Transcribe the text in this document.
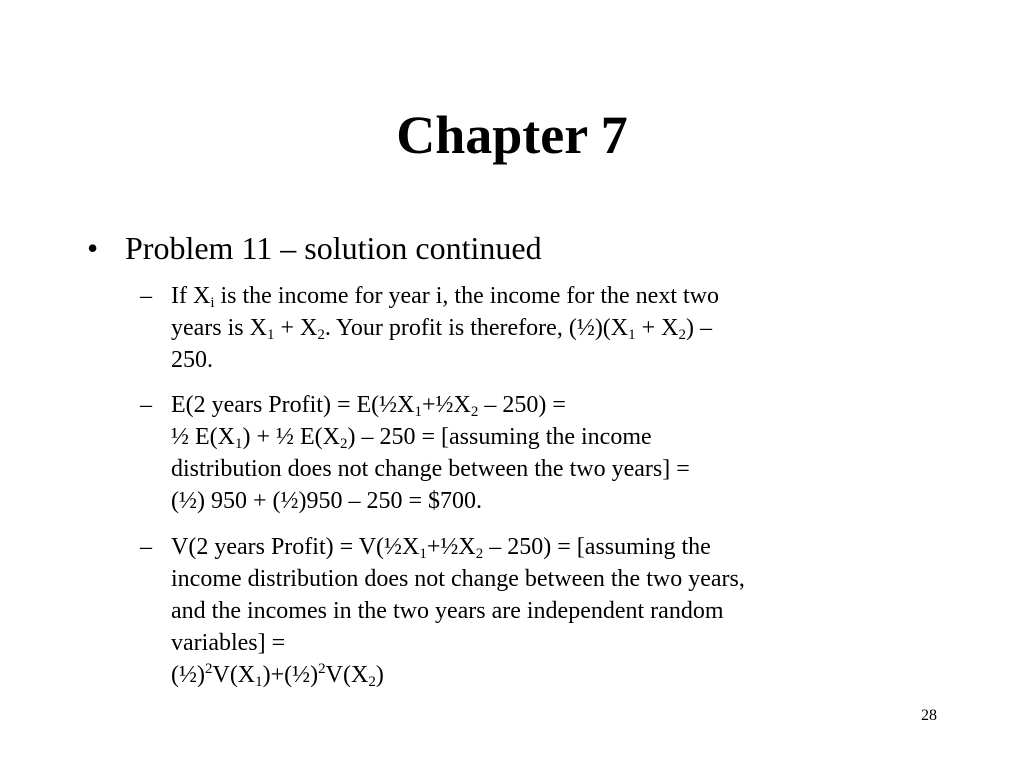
Chapter 7
• Problem 11 – solution continued
– If $X_i$ is the income for year i, the income for the next two
years is $X_1 + X_2$. Your profit is therefore, $(\frac{1}{2})(X_1 + X_2)$ –
250.
– E(2 years Profit) = $E(\frac{1}{2}X_1+\frac{1}{2}X_2 - 250)$ =
½ $E(X_1)$ + ½ $E(X_2) - 250$ = [assuming the income
distribution does not change between the two years] =
(½) 950 + (½)950 – 250 = $700.
– V(2 years Profit) = $V(\frac{1}{2}X_1+\frac{1}{2}X_2 - 250)$ = [assuming the
income distribution does not change between the two years,
and the incomes in the two years are independent random
variables] =
$(\frac{1}{2})^2V(X_1)+(\frac{1}{2})^2V(X_2)$
28
